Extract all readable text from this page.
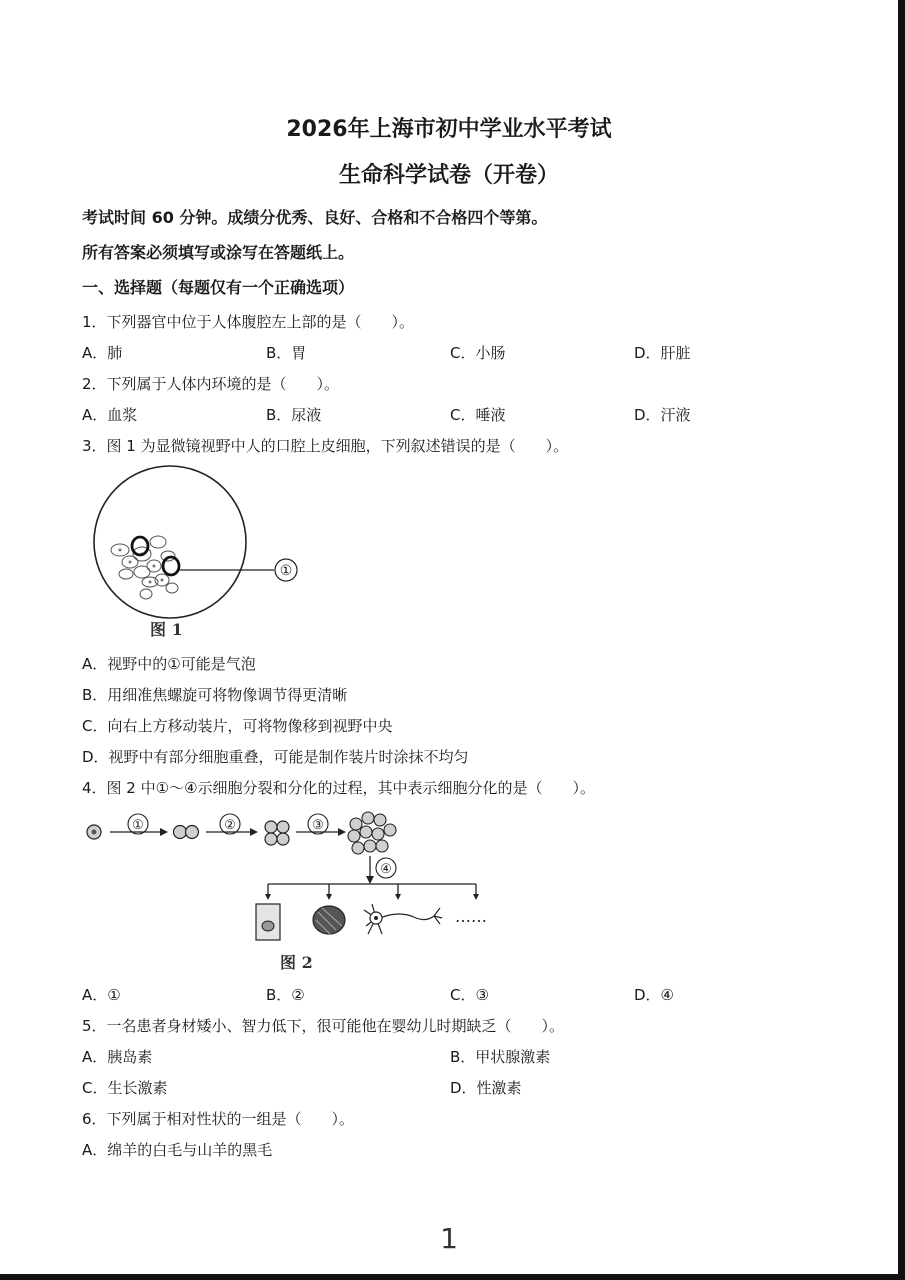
2026年上海市初中学业水平考试
生命科学试卷（开卷）
考试时间 60 分钟。成绩分优秀、良好、合格和不合格四个等第。
所有答案必须填写或涂写在答题纸上。
一、选择题（每题仅有一个正确选项）
1．下列器官中位于人体腹腔左上部的是（　　）。
A．肺	B．胃	C．小肠	D．肝脏
2．下列属于人体内环境的是（　　）。
A．血浆	B．尿液	C．唾液	D．汗液
3．图 1 为显微镜视野中人的口腔上皮细胞，下列叙述错误的是（　　）。
①
图 1
A．视野中的①可能是气泡
B．用细准焦螺旋可将物像调节得更清晰
C．向右上方移动装片，可将物像移到视野中央
D．视野中有部分细胞重叠，可能是制作装片时涂抹不均匀
4．图 2 中①～④示细胞分裂和分化的过程，其中表示细胞分化的是（　　）。
①	②	③
④
……
图 2
A．①	B．②	C．③	D．④
5．一名患者身材矮小、智力低下，很可能他在婴幼儿时期缺乏（　　）。
A．胰岛素	B．甲状腺激素
C．生长激素	D．性激素
6．下列属于相对性状的一组是（　　）。
A．绵羊的白毛与山羊的黑毛
1
